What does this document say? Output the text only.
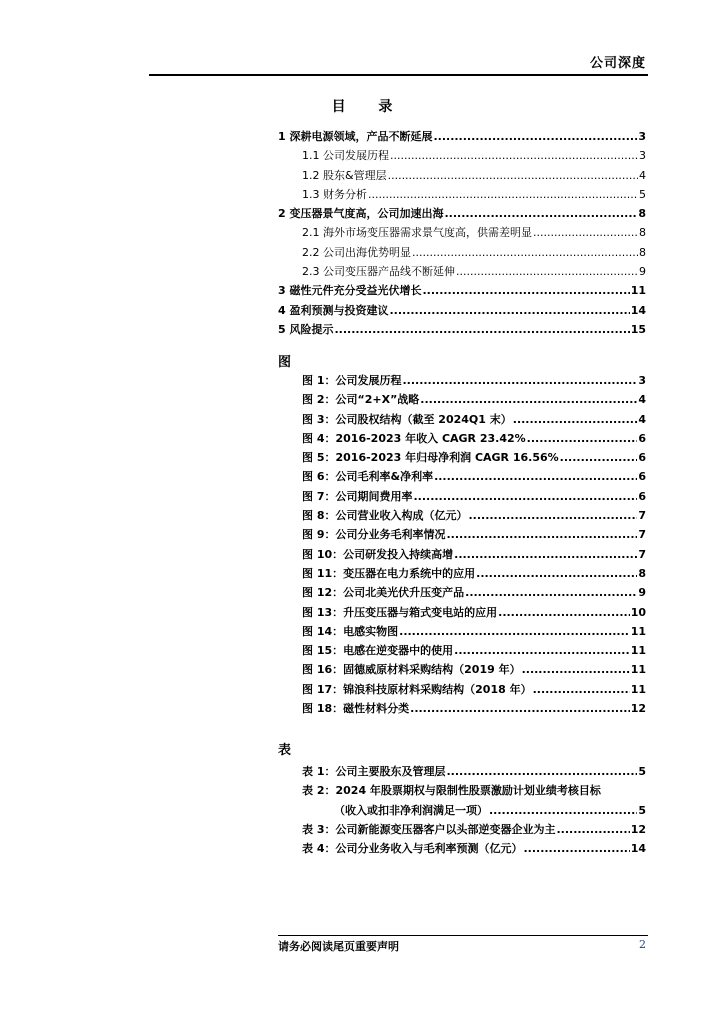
公司深度
目 录
1 深耕电源领域，产品不断延展 .....	3
1.1 公司发展历程 .....	3
1.2 股东&管理层 .....	4
1.3 财务分析 .....	5
2 变压器景气度高，公司加速出海 .....	8
2.1 海外市场变压器需求景气度高，供需差明显 .....	8
2.2 公司出海优势明显 .....	8
2.3 公司变压器产品线不断延伸 .....	9
3 磁性元件充分受益光伏增长 .....	11
4 盈利预测与投资建议 .....	14
5 风险提示 .....	15
图
图 1：公司发展历程 .....	3
图 2：公司“2+X”战略 .....	4
图 3：公司股权结构（截至 2024Q1 末） .....	4
图 4：2016-2023 年收入 CAGR 23.42% .....	6
图 5：2016-2023 年归母净利润 CAGR 16.56% .....	6
图 6：公司毛利率&净利率 .....	6
图 7：公司期间费用率 .....	6
图 8：公司营业收入构成（亿元） .....	7
图 9：公司分业务毛利率情况 .....	7
图 10：公司研发投入持续高增 .....	7
图 11：变压器在电力系统中的应用 .....	8
图 12：公司北美光伏升压变产品 .....	9
图 13：升压变压器与箱式变电站的应用 .....	10
图 14：电感实物图 .....	11
图 15：电感在逆变器中的使用 .....	11
图 16：固德威原材料采购结构（2019 年） .....	11
图 17：锦浪科技原材料采购结构（2018 年） .....	11
图 18：磁性材料分类 .....	12
表
表 1：公司主要股东及管理层 .....	5
表 2：2024 年股票期权与限制性股票激励计划业绩考核目标
（收入或扣非净利润满足一项） .....	5
表 3：公司新能源变压器客户以头部逆变器企业为主 .....	12
表 4：公司分业务收入与毛利率预测（亿元） .....	14
请务必阅读尾页重要声明	2
